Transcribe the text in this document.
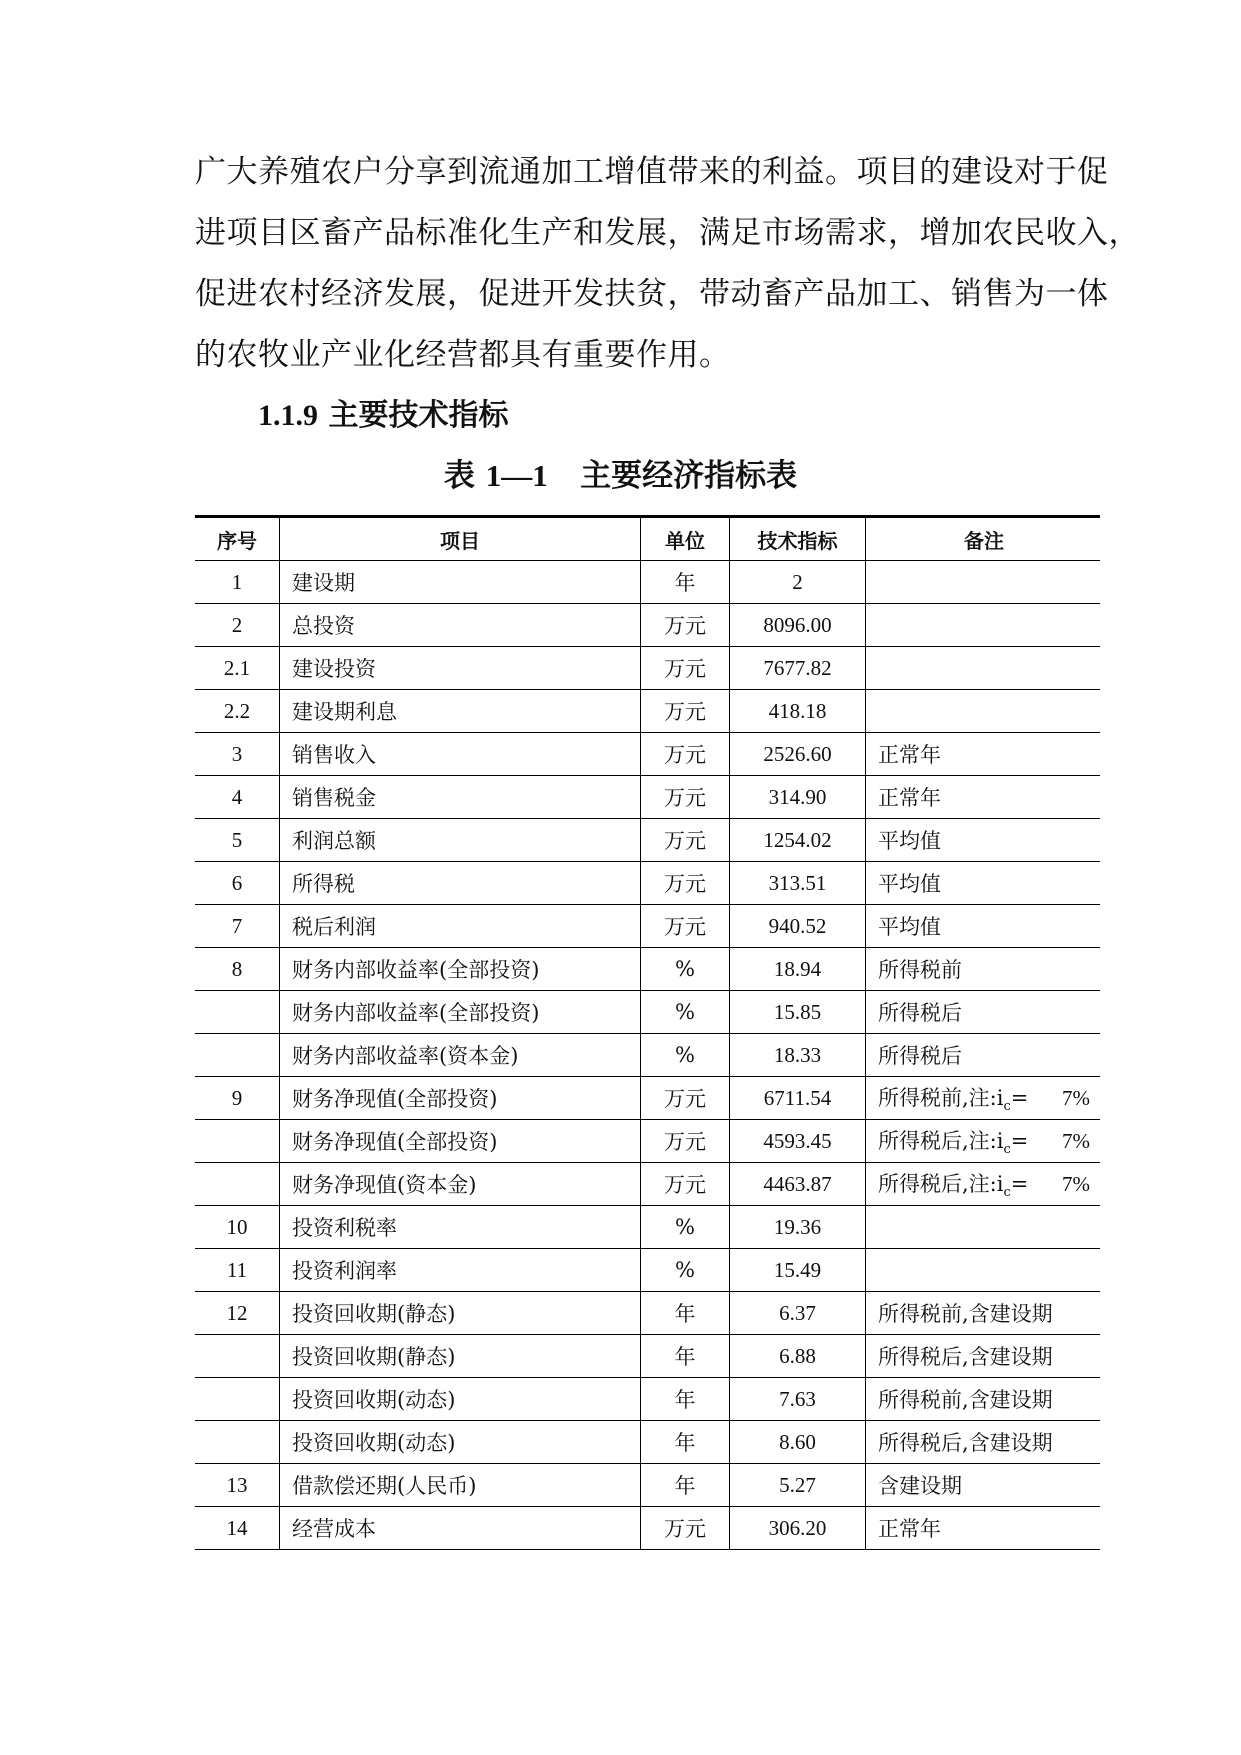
广大养殖农户分享到流通加工增值带来的利益。项目的建设对于促
进项目区畜产品标准化生产和发展，满足市场需求，增加农民收入，
促进农村经济发展，促进开发扶贫，带动畜产品加工、销售为一体
的农牧业产业化经营都具有重要作用。
1.1.9 主要技术指标
表 1—1 主要经济指标表
序号	项目	单位	技术指标	备注
1	建设期	年	2	
2	总投资	万元	8096.00	
2.1	建设投资	万元	7677.82	
2.2	建设期利息	万元	418.18	
3	销售收入	万元	2526.60	正常年
4	销售税金	万元	314.90	正常年
5	利润总额	万元	1254.02	平均值
6	所得税	万元	313.51	平均值
7	税后利润	万元	940.52	平均值
8	财务内部收益率(全部投资)	%	18.94	所得税前
	财务内部收益率(全部投资)	%	15.85	所得税后
	财务内部收益率(资本金)	%	18.33	所得税后
9	财务净现值(全部投资)	万元	6711.54	所得税前,注$:i_c= 7\%$

	财务净现值(全部投资)	万元	4593.45	所得税后,注$:i_c= 7\%$

	财务净现值(资本金)	万元	4463.87	所得税后,注$:i_c= 7\%$

10	投资利税率	%	19.36	
11	投资利润率	%	15.49	
12	投资回收期(静态)	年	6.37	所得税前,含建设期
	投资回收期(静态)	年	6.88	所得税后,含建设期
	投资回收期(动态)	年	7.63	所得税前,含建设期
	投资回收期(动态)	年	8.60	所得税后,含建设期
13	借款偿还期(人民币)	年	5.27	含建设期
14	经营成本	万元	306.20	正常年
